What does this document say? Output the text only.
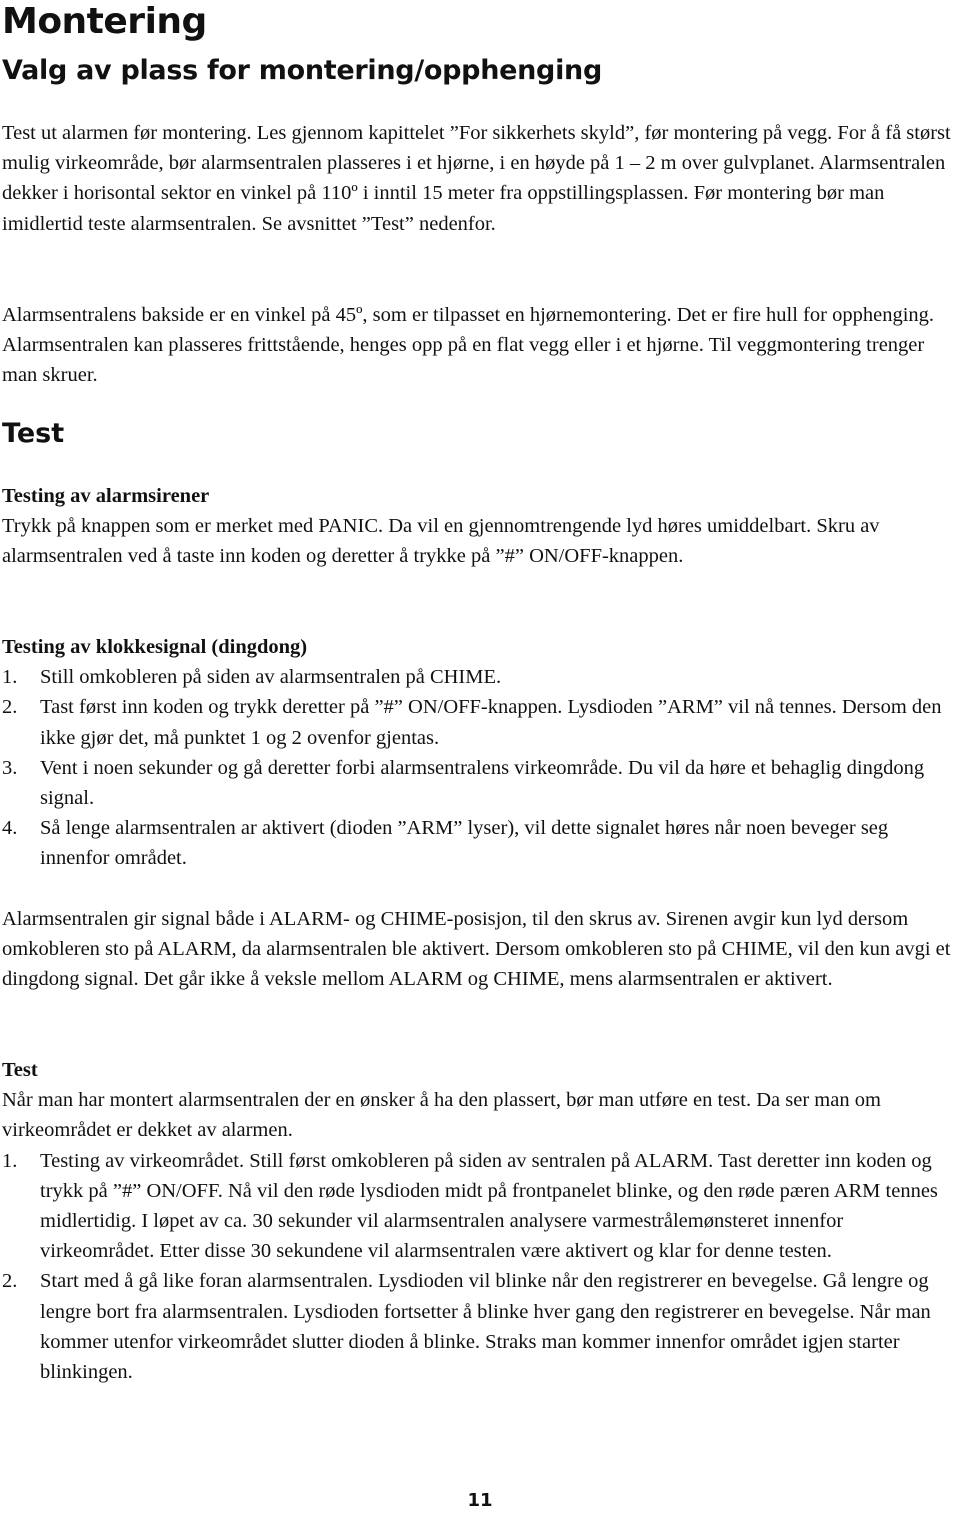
Montering
Valg av plass for montering/opphenging

Test ut alarmen før montering. Les gjennom kapittelet ”For sikkerhets skyld”, før montering på vegg. For å få størst mulig virkeområde, bør alarmsentralen plasseres i et hjørne, i en høyde på 1 – 2 m over gulvplanet. Alarmsentralen dekker i horisontal sektor en vinkel på 110º i inntil 15 meter fra oppstillingsplassen. Før montering bør man imidlertid teste alarmsentralen. Se avsnittet ”Test” nedenfor.

Alarmsentralens bakside er en vinkel på 45º, som er tilpasset en hjørnemontering. Det er fire hull for opphenging. Alarmsentralen kan plasseres frittstående, henges opp på en flat vegg eller i et hjørne. Til veggmontering trenger man skruer.

Test

Testing av alarmsirener

Trykk på knappen som er merket med PANIC. Da vil en gjennomtrengende lyd høres umiddelbart. Skru av alarmsentralen ved å taste inn koden og deretter å trykke på ”#” ON/OFF-knappen.

Testing av klokkesignal (dingdong)

1. Still omkobleren på siden av alarmsentralen på CHIME.
2. Tast først inn koden og trykk deretter på ”#” ON/OFF-knappen. Lysdioden ”ARM” vil nå tennes. Dersom den ikke gjør det, må punktet 1 og 2 ovenfor gjentas.
3. Vent i noen sekunder og gå deretter forbi alarmsentralens virkeområde. Du vil da høre et behaglig dingdong signal.
4. Så lenge alarmsentralen ar aktivert (dioden ”ARM” lyser), vil dette signalet høres når noen beveger seg innenfor området.

Alarmsentralen gir signal både i ALARM- og CHIME-posisjon, til den skrus av. Sirenen avgir kun lyd dersom omkobleren sto på ALARM, da alarmsentralen ble aktivert. Dersom omkobleren sto på CHIME, vil den kun avgi et dingdong signal. Det går ikke å veksle mellom ALARM og CHIME, mens alarmsentralen er aktivert.

Test

Når man har montert alarmsentralen der en ønsker å ha den plassert, bør man utføre en test. Da ser man om virkeområdet er dekket av alarmen.

1. Testing av virkeområdet. Still først omkobleren på siden av sentralen på ALARM. Tast deretter inn koden og trykk på ”#” ON/OFF. Nå vil den røde lysdioden midt på frontpanelet blinke, og den røde pæren ARM tennes midlertidig. I løpet av ca. 30 sekunder vil alarmsentralen analysere varmestrålemønsteret innenfor virkeområdet. Etter disse 30 sekundene vil alarmsentralen være aktivert og klar for denne testen.
2. Start med å gå like foran alarmsentralen. Lysdioden vil blinke når den registrerer en bevegelse. Gå lengre og lengre bort fra alarmsentralen. Lysdioden fortsetter å blinke hver gang den registrerer en bevegelse. Når man kommer utenfor virkeområdet slutter dioden å blinke. Straks man kommer innenfor området igjen starter blinkingen.
11
